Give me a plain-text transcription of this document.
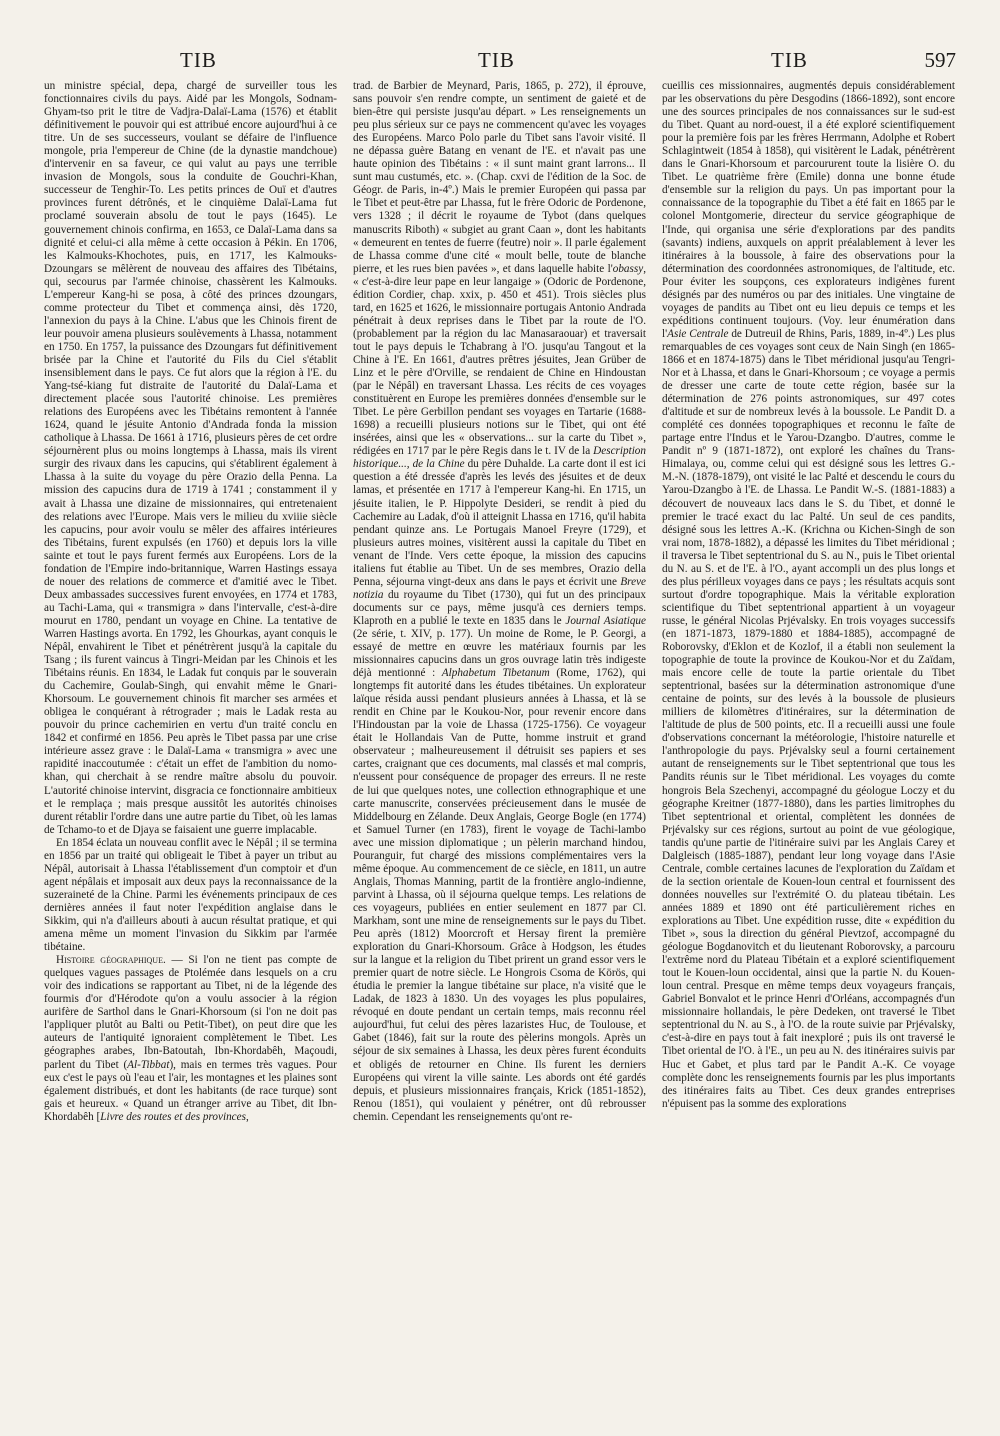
TIB	TIB	TIB	597

un ministre spécial, depa, chargé de surveiller tous les fonctionnaires civils du pays. Aidé par les Mongols, Sodnam-Ghyam-tso prit le titre de Vadjra-Dalaï-Lama (1576) et établit définitivement le pouvoir qui est attribué encore aujourd'hui à ce titre. Un de ses successeurs, voulant se défaire de l'influence mongole, pria l'empereur de Chine (de la dynastie mandchoue) d'intervenir en sa faveur, ce qui valut au pays une terrible invasion de Mongols, sous la conduite de Gouchri-Khan, successeur de Tenghir-To. Les petits princes de Ouï et d'autres provinces furent détrônés, et le cinquième Dalaï-Lama fut proclamé souverain absolu de tout le pays (1645). Le gouvernement chinois confirma, en 1653, ce Dalaï-Lama dans sa dignité et celui-ci alla même à cette occasion à Pékin. En 1706, les Kalmouks-Khochotes, puis, en 1717, les Kalmouks-Dzoungars se mêlèrent de nouveau des affaires des Tibétains, qui, secourus par l'armée chinoise, chassèrent les Kalmouks. L'empereur Kang-hi se posa, à côté des princes dzoungars, comme protecteur du Tibet et commença ainsi, dès 1720, l'annexion du pays à la Chine. L'abus que les Chinois firent de leur pouvoir amena plusieurs soulèvements à Lhassa, notamment en 1750. En 1757, la puissance des Dzoungars fut définitivement brisée par la Chine et l'autorité du Fils du Ciel s'établit insensiblement dans le pays. Ce fut alors que la région à l'E. du Yang-tsé-kiang fut distraite de l'autorité du Dalaï-Lama et directement placée sous l'autorité chinoise. Les premières relations des Européens avec les Tibétains remontent à l'année 1624, quand le jésuite Antonio d'Andrada fonda la mission catholique à Lhassa. De 1661 à 1716, plusieurs pères de cet ordre séjournèrent plus ou moins longtemps à Lhassa, mais ils virent surgir des rivaux dans les capucins, qui s'établirent également à Lhassa à la suite du voyage du père Orazio della Penna. La mission des capucins dura de 1719 à 1741 ; constamment il y avait à Lhassa une dizaine de missionnaires, qui entretenaient des relations avec l'Europe. Mais vers le milieu du xviiie siècle les capucins, pour avoir voulu se mêler des affaires intérieures des Tibétains, furent expulsés (en 1760) et depuis lors la ville sainte et tout le pays furent fermés aux Européens. Lors de la fondation de l'Empire indo-britannique, Warren Hastings essaya de nouer des relations de commerce et d'amitié avec le Tibet. Deux ambassades successives furent envoyées, en 1774 et 1783, au Tachi-Lama, qui « transmigra » dans l'intervalle, c'est-à-dire mourut en 1780, pendant un voyage en Chine. La tentative de Warren Hastings avorta. En 1792, les Ghourkas, ayant conquis le Népâl, envahirent le Tibet et pénétrèrent jusqu'à la capitale du Tsang ; ils furent vaincus à Tingri-Meidan par les Chinois et les Tibétains réunis. En 1834, le Ladak fut conquis par le souverain du Cachemire, Goulab-Singh, qui envahit même le Gnari-Khorsoum. Le gouvernement chinois fit marcher ses armées et obligea le conquérant à rétrograder ; mais le Ladak resta au pouvoir du prince cachemirien en vertu d'un traité conclu en 1842 et confirmé en 1856. Peu après le Tibet passa par une crise intérieure assez grave : le Dalaï-Lama « transmigra » avec une rapidité inaccoutumée : c'était un effet de l'ambition du nomo-khan, qui cherchait à se rendre maître absolu du pouvoir. L'autorité chinoise intervint, disgracia ce fonctionnaire ambitieux et le remplaça ; mais presque aussitôt les autorités chinoises durent rétablir l'ordre dans une autre partie du Tibet, où les lamas de Tchamo-to et de Djaya se faisaient une guerre implacable.

En 1854 éclata un nouveau conflit avec le Népâl ; il se termina en 1856 par un traité qui obligeait le Tibet à payer un tribut au Népâl, autorisait à Lhassa l'établissement d'un comptoir et d'un agent népâlais et imposait aux deux pays la reconnaissance de la suzeraineté de la Chine. Parmi les événements principaux de ces dernières années il faut noter l'expédition anglaise dans le Sikkim, qui n'a d'ailleurs abouti à aucun résultat pratique, et qui amena même un moment l'invasion du Sikkim par l'armée tibétaine.

Histoire géographique. — Si l'on ne tient pas compte de quelques vagues passages de Ptolémée dans lesquels on a cru voir des indications se rapportant au Tibet, ni de la légende des fourmis d'or d'Hérodote qu'on a voulu associer à la région aurifère de Sarthol dans le Gnari-Khorsoum (si l'on ne doit pas l'appliquer plutôt au Balti ou Petit-Tibet), on peut dire que les auteurs de l'antiquité ignoraient complètement le Tibet. Les géographes arabes, Ibn-Batoutah, Ibn-Khordabêh, Maçoudi, parlent du Tibet (Al-Tibbat), mais en termes très vagues. Pour eux c'est le pays où l'eau et l'air, les montagnes et les plaines sont également distribués, et dont les habitants (de race turque) sont gais et heureux. « Quand un étranger arrive au Tibet, dit Ibn-Khordabêh [Livre des routes et des provinces,

trad. de Barbier de Meynard, Paris, 1865, p. 272), il éprouve, sans pouvoir s'en rendre compte, un sentiment de gaieté et de bien-être qui persiste jusqu'au départ. » Les renseignements un peu plus sérieux sur ce pays ne commencent qu'avec les voyages des Européens. Marco Polo parle du Tibet sans l'avoir visité. Il ne dépassa guère Batang en venant de l'E. et n'avait pas une haute opinion des Tibétains : « il sunt maint grant larrons... Il sunt mau custumés, etc. ». (Chap. cxvi de l'édition de la Soc. de Géogr. de Paris, in-4º.) Mais le premier Européen qui passa par le Tibet et peut-être par Lhassa, fut le frère Odoric de Pordenone, vers 1328 ; il décrit le royaume de Tybot (dans quelques manuscrits Riboth) « subgiet au grant Caan », dont les habitants « demeurent en tentes de fuerre (feutre) noir ». Il parle également de Lhassa comme d'une cité « moult belle, toute de blanche pierre, et les rues bien pavées », et dans laquelle habite l'obassy, « c'est-à-dire leur pape en leur langaige » (Odoric de Pordenone, édition Cordier, chap. xxix, p. 450 et 451). Trois siècles plus tard, en 1625 et 1626, le missionnaire portugais Antonio Andrada pénétrait à deux reprises dans le Tibet par la route de l'O. (probablement par la région du lac Manasaraouar) et traversait tout le pays depuis le Tchabrang à l'O. jusqu'au Tangout et la Chine à l'E. En 1661, d'autres prêtres jésuites, Jean Grüber de Linz et le père d'Orville, se rendaient de Chine en Hindoustan (par le Népâl) en traversant Lhassa. Les récits de ces voyages constituèrent en Europe les premières données d'ensemble sur le Tibet. Le père Gerbillon pendant ses voyages en Tartarie (1688-1698) a recueilli plusieurs notions sur le Tibet, qui ont été insérées, ainsi que les « observations... sur la carte du Tibet », rédigées en 1717 par le père Regis dans le t. IV de la Description historique..., de la Chine du père Duhalde. La carte dont il est ici question a été dressée d'après les levés des jésuites et de deux lamas, et présentée en 1717 à l'empereur Kang-hi. En 1715, un jésuite italien, le P. Hippolyte Desideri, se rendit à pied du Cachemire au Ladak, d'où il atteignit Lhassa en 1716, qu'il habita pendant quinze ans. Le Portugais Manoel Freyre (1729), et plusieurs autres moines, visitèrent aussi la capitale du Tibet en venant de l'Inde. Vers cette époque, la mission des capucins italiens fut établie au Tibet. Un de ses membres, Orazio della Penna, séjourna vingt-deux ans dans le pays et écrivit une Breve notizia du royaume du Tibet (1730), qui fut un des principaux documents sur ce pays, même jusqu'à ces derniers temps. Klaproth en a publié le texte en 1835 dans le Journal Asiatique (2e série, t. XIV, p. 177). Un moine de Rome, le P. Georgi, a essayé de mettre en œuvre les matériaux fournis par les missionnaires capucins dans un gros ouvrage latin très indigeste déjà mentionné : Alphabetum Tibetanum (Rome, 1762), qui longtemps fit autorité dans les études tibétaines. Un explorateur laïque résida aussi pendant plusieurs années à Lhassa, et là se rendit en Chine par le Koukou-Nor, pour revenir encore dans l'Hindoustan par la voie de Lhassa (1725-1756). Ce voyageur était le Hollandais Van de Putte, homme instruit et grand observateur ; malheureusement il détruisit ses papiers et ses cartes, craignant que ces documents, mal classés et mal compris, n'eussent pour conséquence de propager des erreurs. Il ne reste de lui que quelques notes, une collection ethnographique et une carte manuscrite, conservées précieusement dans le musée de Middelbourg en Zélande. Deux Anglais, George Bogle (en 1774) et Samuel Turner (en 1783), firent le voyage de Tachi-lambo avec une mission diplomatique ; un pèlerin marchand hindou, Pouranguir, fut chargé des missions complémentaires vers la même époque. Au commencement de ce siècle, en 1811, un autre Anglais, Thomas Manning, partit de la frontière anglo-indienne, parvint à Lhassa, où il séjourna quelque temps. Les relations de ces voyageurs, publiées en entier seulement en 1877 par Cl. Markham, sont une mine de renseignements sur le pays du Tibet. Peu après (1812) Moorcroft et Hersay firent la première exploration du Gnari-Khorsoum. Grâce à Hodgson, les études sur la langue et la religion du Tibet prirent un grand essor vers le premier quart de notre siècle. Le Hongrois Csoma de Körös, qui étudia le premier la langue tibétaine sur place, n'a visité que le Ladak, de 1823 à 1830. Un des voyages les plus populaires, révoqué en doute pendant un certain temps, mais reconnu réel aujourd'hui, fut celui des pères lazaristes Huc, de Toulouse, et Gabet (1846), fait sur la route des pèlerins mongols. Après un séjour de six semaines à Lhassa, les deux pères furent éconduits et obligés de retourner en Chine. Ils furent les derniers Européens qui virent la ville sainte. Les abords ont été gardés depuis, et plusieurs missionnaires français, Krick (1851-1852), Renou (1851), qui voulaient y pénétrer, ont dû rebrousser chemin. Cependant les renseignements qu'ont re-

cueillis ces missionnaires, augmentés depuis considérablement par les observations du père Desgodins (1866-1892), sont encore une des sources principales de nos connaissances sur le sud-est du Tibet. Quant au nord-ouest, il a été exploré scientifiquement pour la première fois par les frères Herrmann, Adolphe et Robert Schlagintweit (1854 à 1858), qui visitèrent le Ladak, pénétrèrent dans le Gnari-Khorsoum et parcoururent toute la lisière O. du Tibet. Le quatrième frère (Emile) donna une bonne étude d'ensemble sur la religion du pays. Un pas important pour la connaissance de la topographie du Tibet a été fait en 1865 par le colonel Montgomerie, directeur du service géographique de l'Inde, qui organisa une série d'explorations par des pandits (savants) indiens, auxquels on apprit préalablement à lever les itinéraires à la boussole, à faire des observations pour la détermination des coordonnées astronomiques, de l'altitude, etc. Pour éviter les soupçons, ces explorateurs indigènes furent désignés par des numéros ou par des initiales. Une vingtaine de voyages de pandits au Tibet ont eu lieu depuis ce temps et les expéditions continuent toujours. (Voy. leur énumération dans l'Asie Centrale de Dutreuil de Rhins, Paris, 1889, in-4º.) Les plus remarquables de ces voyages sont ceux de Nain Singh (en 1865-1866 et en 1874-1875) dans le Tibet méridional jusqu'au Tengri-Nor et à Lhassa, et dans le Gnari-Khorsoum ; ce voyage a permis de dresser une carte de toute cette région, basée sur la détermination de 276 points astronomiques, sur 497 cotes d'altitude et sur de nombreux levés à la boussole. Le Pandit D. a complété ces données topographiques et reconnu le faîte de partage entre l'Indus et le Yarou-Dzangbo. D'autres, comme le Pandit nº 9 (1871-1872), ont exploré les chaînes du Trans-Himalaya, ou, comme celui qui est désigné sous les lettres G.-M.-N. (1878-1879), ont visité le lac Palté et descendu le cours du Yarou-Dzangbo à l'E. de Lhassa. Le Pandit W.-S. (1881-1883) a découvert de nouveaux lacs dans le S. du Tibet, et donné le premier le tracé exact du lac Palté. Un seul de ces pandits, désigné sous les lettres A.-K. (Krichna ou Kichen-Singh de son vrai nom, 1878-1882), a dépassé les limites du Tibet méridional ; il traversa le Tibet septentrional du S. au N., puis le Tibet oriental du N. au S. et de l'E. à l'O., ayant accompli un des plus longs et des plus périlleux voyages dans ce pays ; les résultats acquis sont surtout d'ordre topographique. Mais la véritable exploration scientifique du Tibet septentrional appartient à un voyageur russe, le général Nicolas Prjévalsky. En trois voyages successifs (en 1871-1873, 1879-1880 et 1884-1885), accompagné de Roborovsky, d'Eklon et de Kozlof, il a établi non seulement la topographie de toute la province de Koukou-Nor et du Zaïdam, mais encore celle de toute la partie orientale du Tibet septentrional, basées sur la détermination astronomique d'une centaine de points, sur des levés à la boussole de plusieurs milliers de kilomètres d'itinéraires, sur la détermination de l'altitude de plus de 500 points, etc. Il a recueilli aussi une foule d'observations concernant la météorologie, l'histoire naturelle et l'anthropologie du pays. Prjévalsky seul a fourni certainement autant de renseignements sur le Tibet septentrional que tous les Pandits réunis sur le Tibet méridional. Les voyages du comte hongrois Bela Szechenyi, accompagné du géologue Loczy et du géographe Kreitner (1877-1880), dans les parties limitrophes du Tibet septentrional et oriental, complètent les données de Prjévalsky sur ces régions, surtout au point de vue géologique, tandis qu'une partie de l'itinéraire suivi par les Anglais Carey et Dalgleisch (1885-1887), pendant leur long voyage dans l'Asie Centrale, comble certaines lacunes de l'exploration du Zaïdam et de la section orientale de Kouen-loun central et fournissent des données nouvelles sur l'extrémité O. du plateau tibétain. Les années 1889 et 1890 ont été particulièrement riches en explorations au Tibet. Une expédition russe, dite « expédition du Tibet », sous la direction du général Pievtzof, accompagné du géologue Bogdanovitch et du lieutenant Roborovsky, a parcouru l'extrême nord du Plateau Tibétain et a exploré scientifiquement tout le Kouen-loun occidental, ainsi que la partie N. du Kouen-loun central. Presque en même temps deux voyageurs français, Gabriel Bonvalot et le prince Henri d'Orléans, accompagnés d'un missionnaire hollandais, le père Dedeken, ont traversé le Tibet septentrional du N. au S., à l'O. de la route suivie par Prjévalsky, c'est-à-dire en pays tout à fait inexploré ; puis ils ont traversé le Tibet oriental de l'O. à l'E., un peu au N. des itinéraires suivis par Huc et Gabet, et plus tard par le Pandit A.-K. Ce voyage complète donc les renseignements fournis par les plus importants des itinéraires faits au Tibet. Ces deux grandes entreprises n'épuisent pas la somme des explorations
